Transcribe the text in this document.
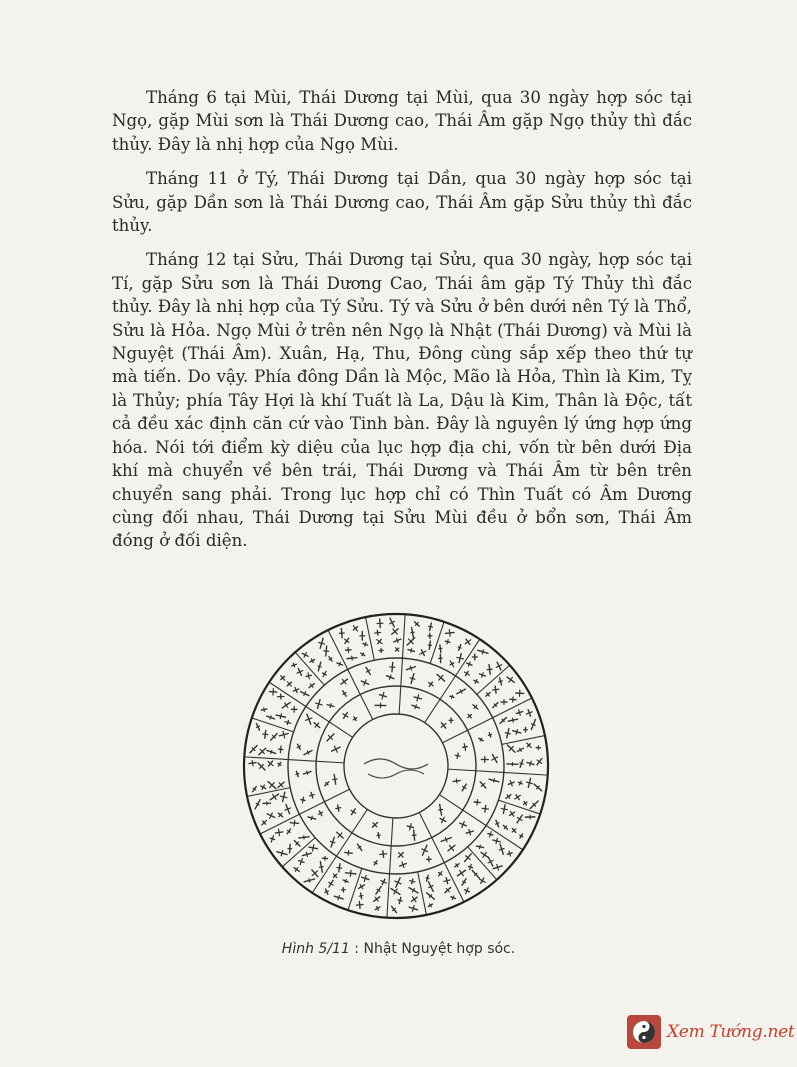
Tháng 6 tại Mùi, Thái Dương tại Mùi, qua 30 ngày hợp sóc tại Ngọ, gặp Mùi sơn là Thái Dương cao, Thái Âm gặp Ngọ thủy thì đắc thủy. Đây là nhị hợp của Ngọ Mùi.

Tháng 11 ở Tý, Thái Dương tại Dần, qua 30 ngày hợp sóc tại Sửu, gặp Dần sơn là Thái Dương cao, Thái Âm gặp Sửu thủy thì đắc thủy.

Tháng 12 tại Sửu, Thái Dương tại Sửu, qua 30 ngày, hợp sóc tại Tí, gặp Sửu sơn là Thái Dương Cao, Thái âm gặp Tý Thủy thì đắc thủy. Đây là nhị hợp của Tý Sửu. Tý và Sửu ở bên dưới nên Tý là Thổ, Sửu là Hỏa. Ngọ Mùi ở trên nên Ngọ là Nhật (Thái Dương) và Mùi là Nguyệt (Thái Âm). Xuân, Hạ, Thu, Đông cùng sắp xếp theo thứ tự mà tiến. Do vậy. Phía đông Dần là Mộc, Mão là Hỏa, Thìn là Kim, Tỵ là Thủy; phía Tây Hợi là khí Tuất là La, Dậu là Kim, Thân là Độc, tất cả đều xác định căn cứ vào Tinh bàn. Đây là nguyên lý ứng hợp ứng hóa. Nói tới điểm kỳ diệu của lục hợp địa chi, vốn từ bên dưới Địa khí mà chuyển về bên trái, Thái Dương và Thái Âm từ bên trên chuyển sang phải. Trong lục hợp chỉ có Thìn Tuất có Âm Dương cùng đối nhau, Thái Dương tại Sửu Mùi đều ở bổn sơn, Thái Âm đóng ở đối diện.

Hình 5/11 : Nhật Nguyệt hợp sóc.
Xem Tướng.net
